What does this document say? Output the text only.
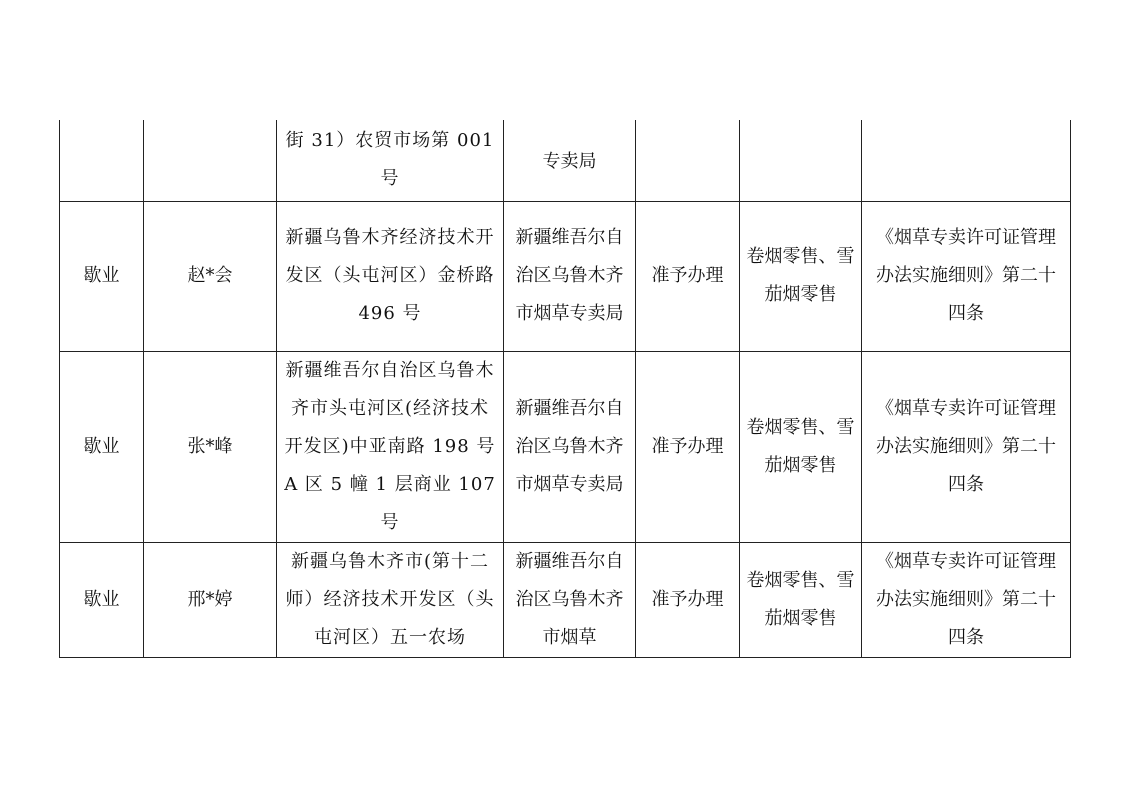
		街 31）农贸市场第 001 号	专卖局			
歇业	赵*会	新疆乌鲁木齐经济技术开发区（头屯河区）金桥路 496 号	新疆维吾尔自治区乌鲁木齐市烟草专卖局	准予办理	卷烟零售、雪茄烟零售	《烟草专卖许可证管理办法实施细则》第二十四条
歇业	张*峰	新疆维吾尔自治区乌鲁木齐市头屯河区(经济技术开发区)中亚南路 198 号 A 区 5 幢 1 层商业 107 号	新疆维吾尔自治区乌鲁木齐市烟草专卖局	准予办理	卷烟零售、雪茄烟零售	《烟草专卖许可证管理办法实施细则》第二十四条
歇业	邢*婷	新疆乌鲁木齐市(第十二师）经济技术开发区（头屯河区）五一农场	新疆维吾尔自治区乌鲁木齐市烟草	准予办理	卷烟零售、雪茄烟零售	《烟草专卖许可证管理办法实施细则》第二十四条
